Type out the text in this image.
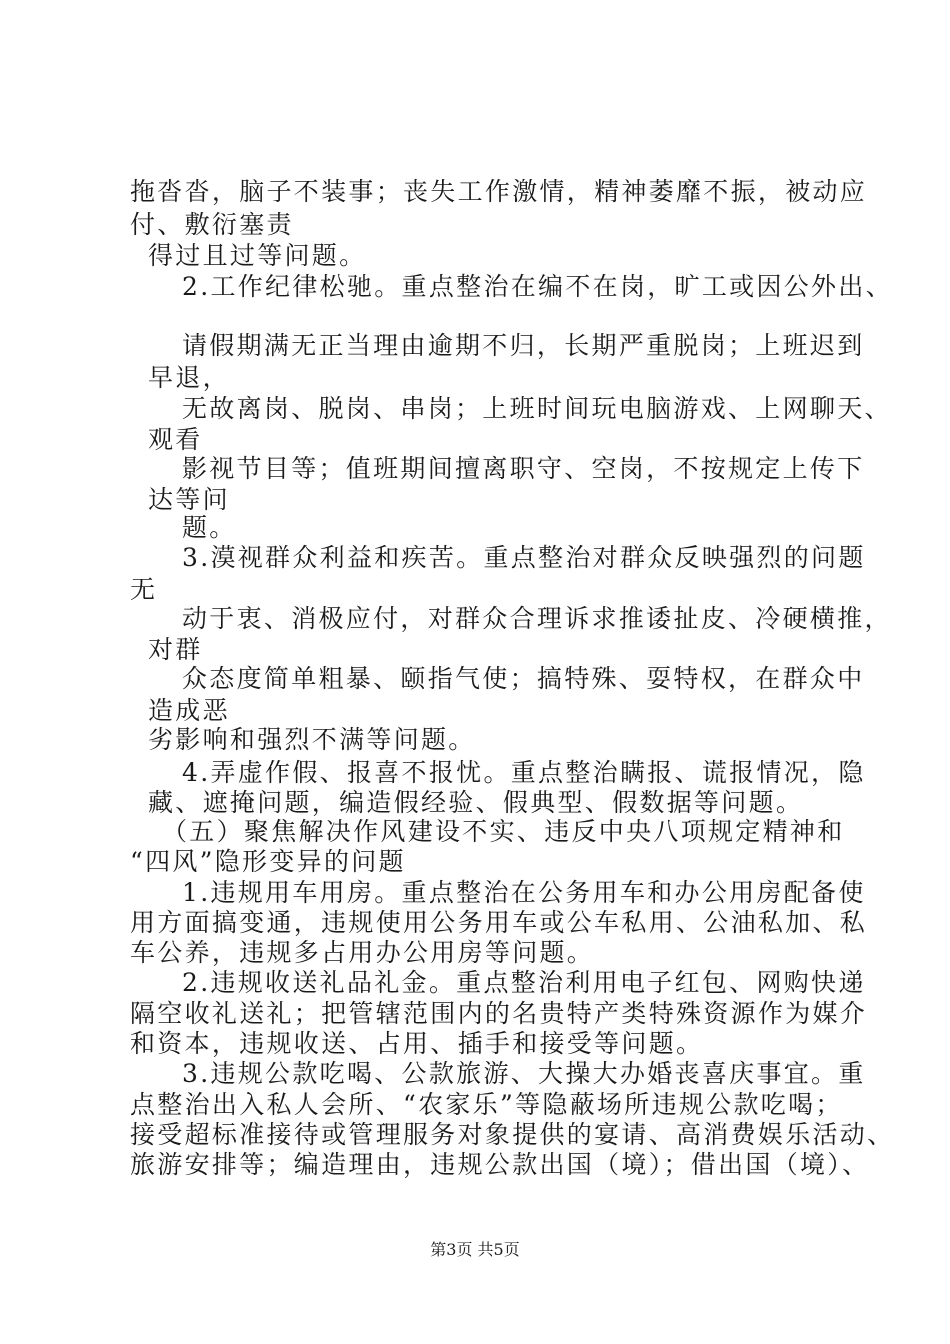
拖沓沓，脑子不装事；丧失工作激情，精神萎靡不振，被动应
付、敷衍塞责
得过且过等问题。
2.工作纪律松驰。重点整治在编不在岗，旷工或因公外出、
请假期满无正当理由逾期不归，长期严重脱岗；上班迟到
早退，
无故离岗、脱岗、串岗；上班时间玩电脑游戏、上网聊天、
观看
影视节目等；值班期间擅离职守、空岗，不按规定上传下
达等问
题。
3.漠视群众利益和疾苦。重点整治对群众反映强烈的问题
无
动于衷、消极应付，对群众合理诉求推诿扯皮、冷硬横推，
对群
众态度简单粗暴、颐指气使；搞特殊、耍特权，在群众中
造成恶
劣影响和强烈不满等问题。
4.弄虚作假、报喜不报忧。重点整治瞒报、谎报情况，隐
藏、遮掩问题，编造假经验、假典型、假数据等问题。
（五）聚焦解决作风建设不实、违反中央八项规定精神和
“四风”隐形变异的问题
1.违规用车用房。重点整治在公务用车和办公用房配备使
用方面搞变通，违规使用公务用车或公车私用、公油私加、私
车公养，违规多占用办公用房等问题。
2.违规收送礼品礼金。重点整治利用电子红包、网购快递
隔空收礼送礼；把管辖范围内的名贵特产类特殊资源作为媒介
和资本，违规收送、占用、插手和接受等问题。
3.违规公款吃喝、公款旅游、大操大办婚丧喜庆事宜。重
点整治出入私人会所、“农家乐”等隐蔽场所违规公款吃喝；
接受超标准接待或管理服务对象提供的宴请、高消费娱乐活动、
旅游安排等；编造理由，违规公款出国（境）；借出国（境）、
第3页 共5页
